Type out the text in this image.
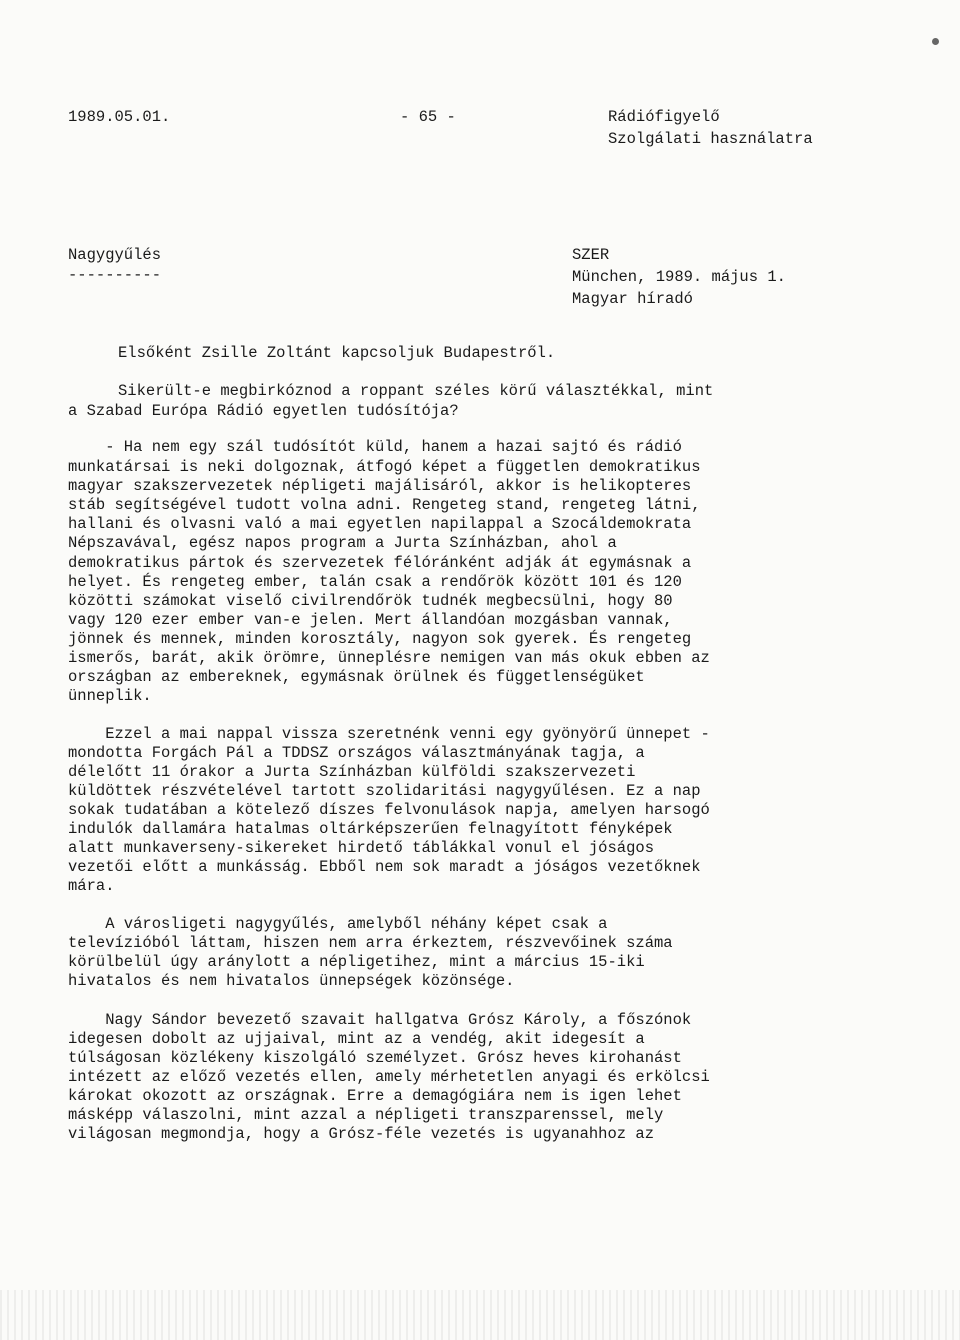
1989.05.01.	- 65 -	Rádiófigyelő
Szolgálati használatra
Nagygyűlés
----------
SZER
München, 1989. május 1.
Magyar híradó
Elsőként Zsille Zoltánt kapcsoljuk Budapestről.
Sikerült-e megbirkóznod a roppant széles körű választékkal, mint
a Szabad Európa Rádió egyetlen tudósítója?
- Ha nem egy szál tudósítót küld, hanem a hazai sajtó és rádió
munkatársai is neki dolgoznak, átfogó képet a független demokratikus
magyar szakszervezetek népligeti majálisáról, akkor is helikopteres
stáb segítségével tudott volna adni. Rengeteg stand, rengeteg látni,
hallani és olvasni való a mai egyetlen napilappal a Szocáldemokrata
Népszavával, egész napos program a Jurta Színházban, ahol a
demokratikus pártok és szervezetek félóránként adják át egymásnak a
helyet. És rengeteg ember, talán csak a rendőrök között 101 és 120
közötti számokat viselő civilrendőrök tudnék megbecsülni, hogy 80
vagy 120 ezer ember van-e jelen. Mert állandóan mozgásban vannak,
jönnek és mennek, minden korosztály, nagyon sok gyerek. És rengeteg
ismerős, barát, akik örömre, ünneplésre nemigen van más okuk ebben az
országban az embereknek, egymásnak örülnek és függetlenségüket
ünneplik.
Ezzel a mai nappal vissza szeretnénk venni egy gyönyörű ünnepet -
mondotta Forgách Pál a TDDSZ országos választmányának tagja, a
délelőtt 11 órakor a Jurta Színházban külföldi szakszervezeti
küldöttek részvételével tartott szolidaritási nagygyűlésen. Ez a nap
sokak tudatában a kötelező díszes felvonulások napja, amelyen harsogó
indulók dallamára hatalmas oltárképszerűen felnagyított fényképek
alatt munkaverseny-sikereket hirdető táblákkal vonul el jóságos
vezetői előtt a munkásság. Ebből nem sok maradt a jóságos vezetőknek
mára.
A városligeti nagygyűlés, amelyből néhány képet csak a
televízióból láttam, hiszen nem arra érkeztem, részvevőinek száma
körülbelül úgy aránylott a népligetihez, mint a március 15-iki
hivatalos és nem hivatalos ünnepségek közönsége.
Nagy Sándor bevezető szavait hallgatva Grósz Károly, a főszónok
idegesen dobolt az ujjaival, mint az a vendég, akit idegesít a
túlságosan közlékeny kiszolgáló személyzet. Grósz heves kirohanást
intézett az előző vezetés ellen, amely mérhetetlen anyagi és erkölcsi
károkat okozott az országnak. Erre a demagógiára nem is igen lehet
másképp válaszolni, mint azzal a népligeti transzparenssel, mely
világosan megmondja, hogy a Grósz-féle vezetés is ugyanahhoz az
